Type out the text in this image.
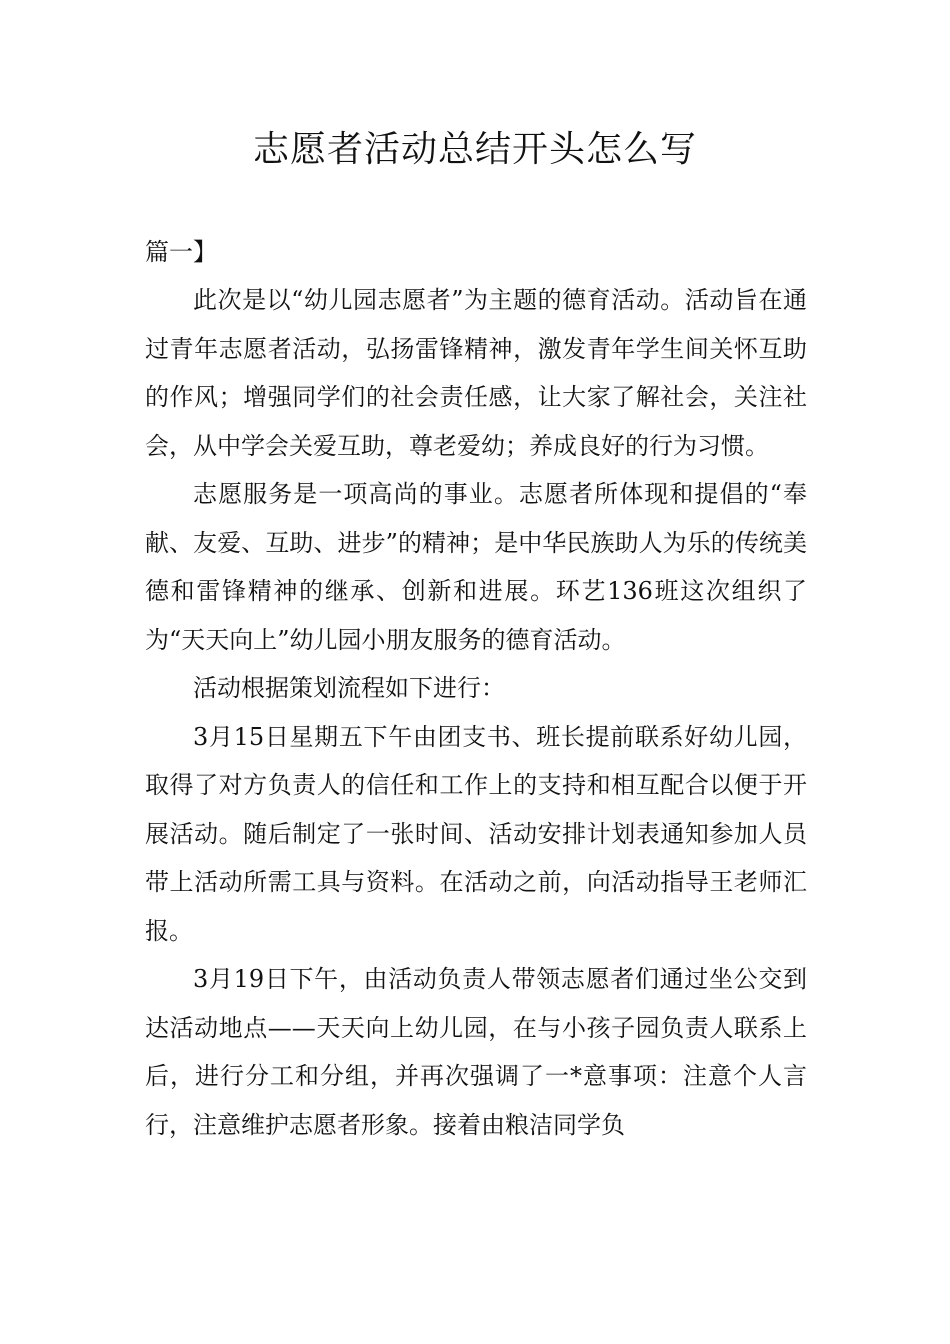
志愿者活动总结开头怎么写

篇一】

此次是以“幼儿园志愿者”为主题的德育活动。活动旨在通过青年志愿者活动，弘扬雷锋精神，激发青年学生间关怀互助的作风；增强同学们的社会责任感，让大家了解社会，关注社会，从中学会关爱互助，尊老爱幼；养成良好的行为习惯。

志愿服务是一项高尚的事业。志愿者所体现和提倡的“奉献、友爱、互助、进步”的精神；是中华民族助人为乐的传统美德和雷锋精神的继承、创新和进展。环艺136班这次组织了为“天天向上”幼儿园小朋友服务的德育活动。

活动根据策划流程如下进行：

3月15日星期五下午由团支书、班长提前联系好幼儿园，取得了对方负责人的信任和工作上的支持和相互配合以便于开展活动。随后制定了一张时间、活动安排计划表通知参加人员带上活动所需工具与资料。在活动之前，向活动指导王老师汇报。

3月19日下午，由活动负责人带领志愿者们通过坐公交到达活动地点——天天向上幼儿园，在与小孩子园负责人联系上后，进行分工和分组，并再次强调了一*意事项：注意个人言行，注意维护志愿者形象。接着由粮洁同学负
